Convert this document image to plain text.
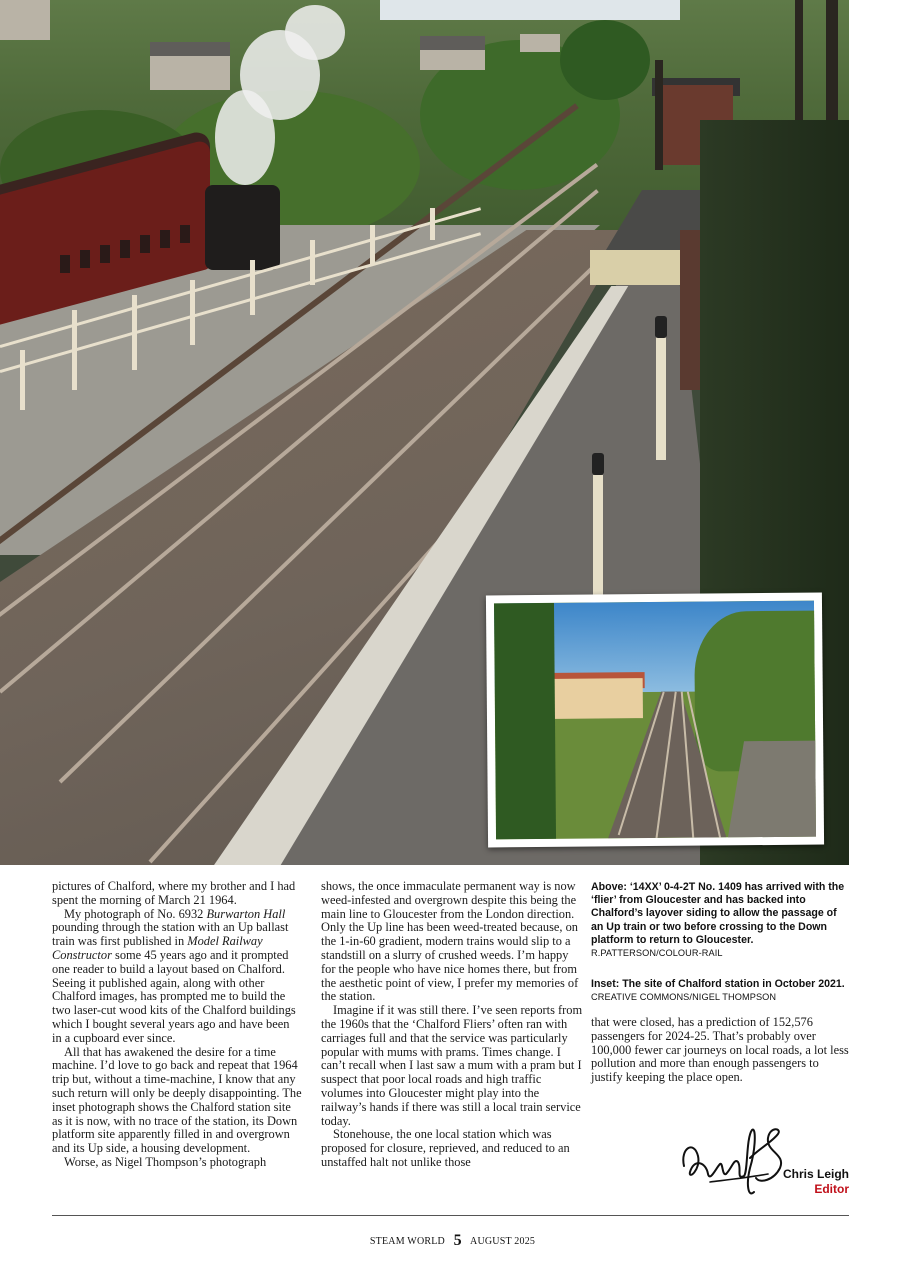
pictures of Chalford, where my brother and I had spent the morning of March 21 1964.

My photograph of No. 6932 Burwarton Hall pounding through the station with an Up ballast train was first published in Model Railway Constructor some 45 years ago and it prompted one reader to build a layout based on Chalford. Seeing it published again, along with other Chalford images, has prompted me to build the two laser-cut wood kits of the Chalford buildings which I bought several years ago and have been in a cupboard ever since.

All that has awakened the desire for a time machine. I’d love to go back and repeat that 1964 trip but, without a time-machine, I know that any such return will only be deeply disappointing. The inset photograph shows the Chalford station site as it is now, with no trace of the station, its Down platform site apparently filled in and overgrown and its Up side, a housing development.

Worse, as Nigel Thompson’s photograph

shows, the once immaculate permanent way is now weed-infested and overgrown despite this being the main line to Gloucester from the London direction. Only the Up line has been weed-treated because, on the 1-in-60 gradient, modern trains would slip to a standstill on a slurry of crushed weeds. I’m happy for the people who have nice homes there, but from the aesthetic point of view, I prefer my memories of the station.

Imagine if it was still there. I’ve seen reports from the 1960s that the ‘Chalford Fliers’ often ran with carriages full and that the service was particularly popular with mums with prams. Times change. I can’t recall when I last saw a mum with a pram but I suspect that poor local roads and high traffic volumes into Gloucester might play into the railway’s hands if there was still a local train service today.

Stonehouse, the one local station which was proposed for closure, reprieved, and reduced to an unstaffed halt not unlike those

Above: ‘14XX’ 0-4-2T No. 1409 has arrived with the ‘flier’ from Gloucester and has backed into Chalford’s layover siding to allow the passage of an Up train or two before crossing to the Down platform to return to Gloucester.
R.PATTERSON/COLOUR-RAIL
Inset: The site of Chalford station in October 2021. CREATIVE COMMONS/NIGEL THOMPSON

that were closed, has a prediction of 152,576 passengers for 2024-25. That’s probably over 100,000 fewer car journeys on local roads, a lot less pollution and more than enough passengers to justify keeping the place open.

Chris Leigh
Editor
STEAM WORLD 5 AUGUST 2025
